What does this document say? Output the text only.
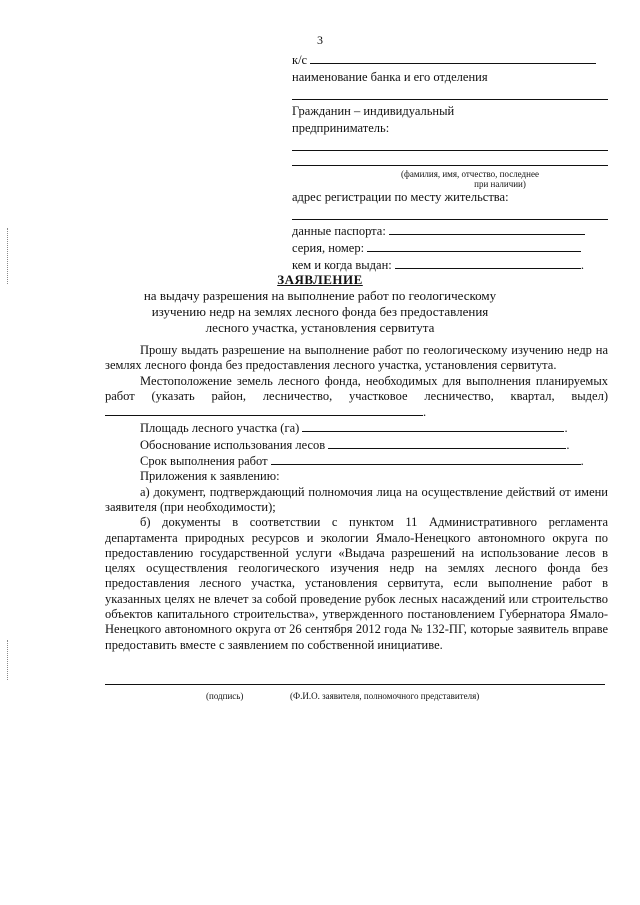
3
к/с
наименование банка и его отделения
Гражданин – индивидуальный
предприниматель:
(фамилия, имя, отчество, последнее
при наличии)
адрес регистрации по месту жительства:
данные паспорта:
серия, номер:
кем и когда выдан:	.
ЗАЯВЛЕНИЕ
на выдачу разрешения на выполнение работ по геологическому
изучению недр на землях лесного фонда без предоставления
лесного участка, установления сервитута

Прошу выдать разрешение на выполнение работ по геологическому изучению недр на землях лесного фонда без предоставления лесного участка, установления сервитута.

Местоположение земель лесного фонда, необходимых для выполнения планируемых работ (указать район, лесничество, участковое лесничество, квартал, выдел) .

Площадь лесного участка (га)	.

Обоснование использования лесов	.

Срок выполнения работ	.

Приложения к заявлению:

а) документ, подтверждающий полномочия лица на осуществление действий от имени заявителя (при необходимости);

б) документы в соответствии с пунктом 11 Административного регламента департамента природных ресурсов и экологии Ямало-Ненецкого автономного округа по предоставлению государственной услуги «Выдача разрешений на использование лесов в целях осуществления геологического изучения недр на землях лесного фонда без предоставления лесного участка, установления сервитута, если выполнение работ в указанных целях не влечет за собой проведение рубок лесных насаждений или строительство объектов капитального строительства», утвержденного постановлением Губернатора Ямало-Ненецкого автономного округа от 26 сентября 2012 года № 132-ПГ, которые заявитель вправе предоставить вместе с заявлением по собственной инициативе.

(подпись)	(Ф.И.О. заявителя, полномочного представителя)
